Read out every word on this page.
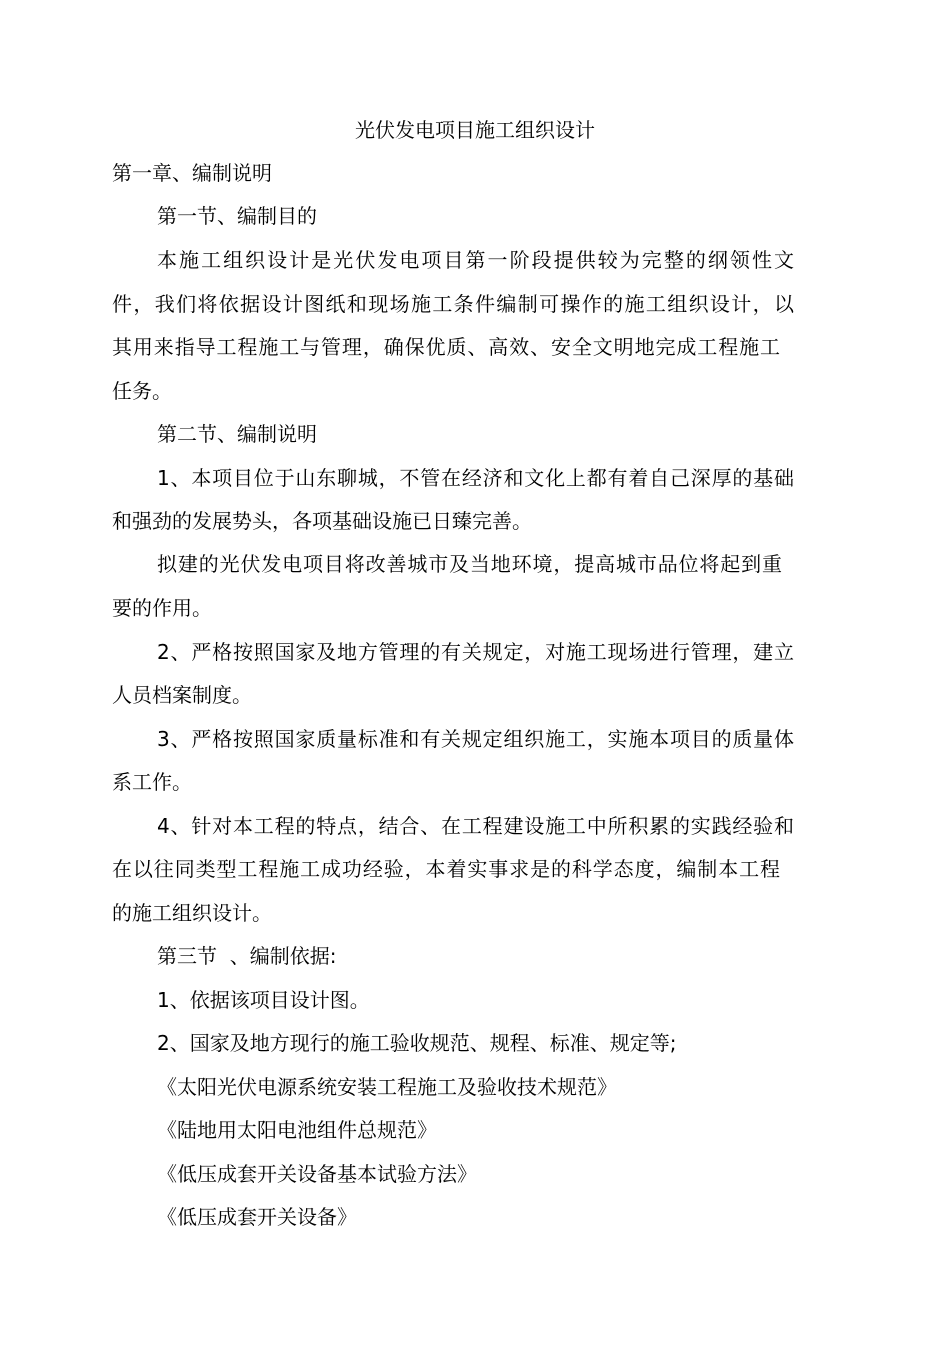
光伏发电项目施工组织设计
第一章、编制说明
第一节、编制目的
本施工组织设计是光伏发电项目第一阶段提供较为完整的纲领性文
件，我们将依据设计图纸和现场施工条件编制可操作的施工组织设计，以
其用来指导工程施工与管理，确保优质、高效、安全文明地完成工程施工
任务。
第二节、编制说明
1、本项目位于山东聊城，不管在经济和文化上都有着自己深厚的基础
和强劲的发展势头，各项基础设施已日臻完善。
拟建的光伏发电项目将改善城市及当地环境，提高城市品位将起到重
要的作用。
2、严格按照国家及地方管理的有关规定，对施工现场进行管理，建立
人员档案制度。
3、严格按照国家质量标准和有关规定组织施工，实施本项目的质量体
系工作。
4、针对本工程的特点，结合、在工程建设施工中所积累的实践经验和
在以往同类型工程施工成功经验，本着实事求是的科学态度，编制本工程
的施工组织设计。
第三节  、编制依据:
1、依据该项目设计图。
2、国家及地方现行的施工验收规范、规程、标准、规定等;
《太阳光伏电源系统安装工程施工及验收技术规范》
《陆地用太阳电池组件总规范》
《低压成套开关设备基本试验方法》
《低压成套开关设备》
